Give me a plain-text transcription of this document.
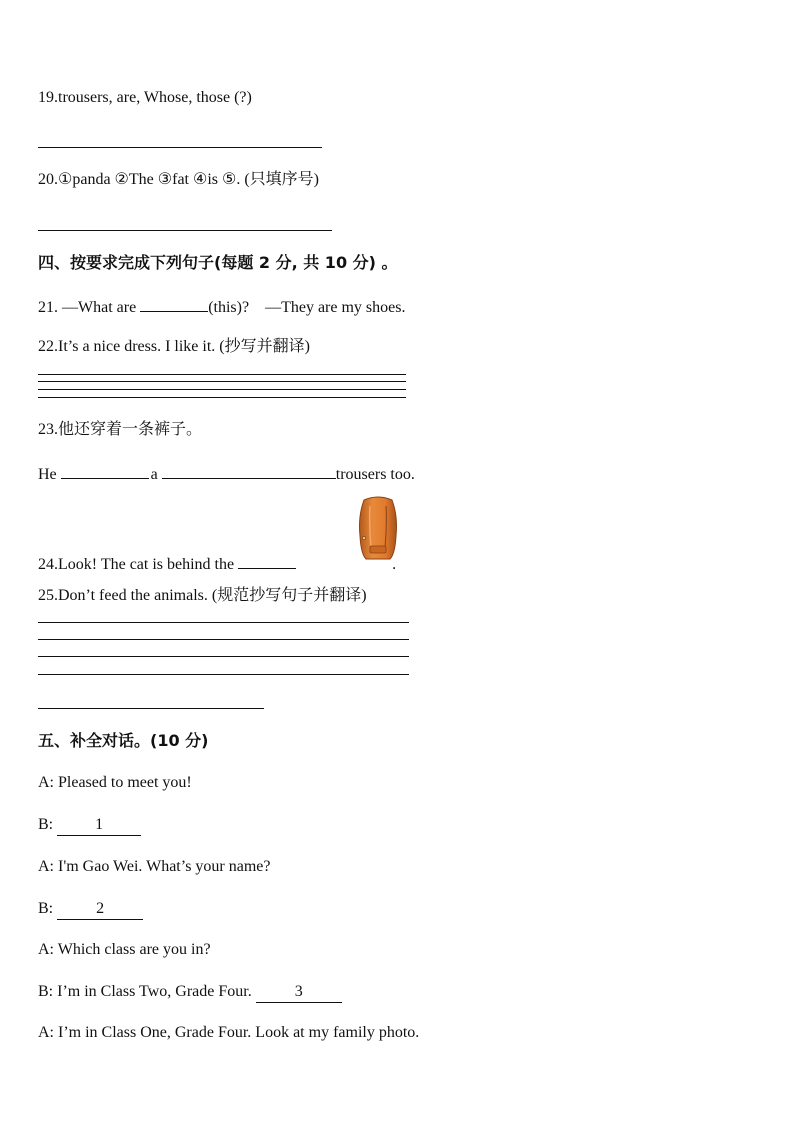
19.trousers, are, Whose, those (?)
20.①panda ②The ③fat ④is ⑤. (只填序号)
四、按要求完成下列句子(每题 2 分, 共 10 分) 。
21. —What are	(this)? —They are my shoes.
22.It’s a nice dress. I like it. (抄写并翻译)
23.他还穿着一条裤子。
He	a	trousers too.
24.Look! The cat is behind the	.
25.Don’t feed the animals. (规范抄写句子并翻译)
五、补全对话。(10 分)
A: Pleased to meet you!
B: 1
A: I'm Gao Wei. What’s your name?
B: 2
A: Which class are you in?
B: I’m in Class Two, Grade Four. 3
A: I’m in Class One, Grade Four. Look at my family photo.
